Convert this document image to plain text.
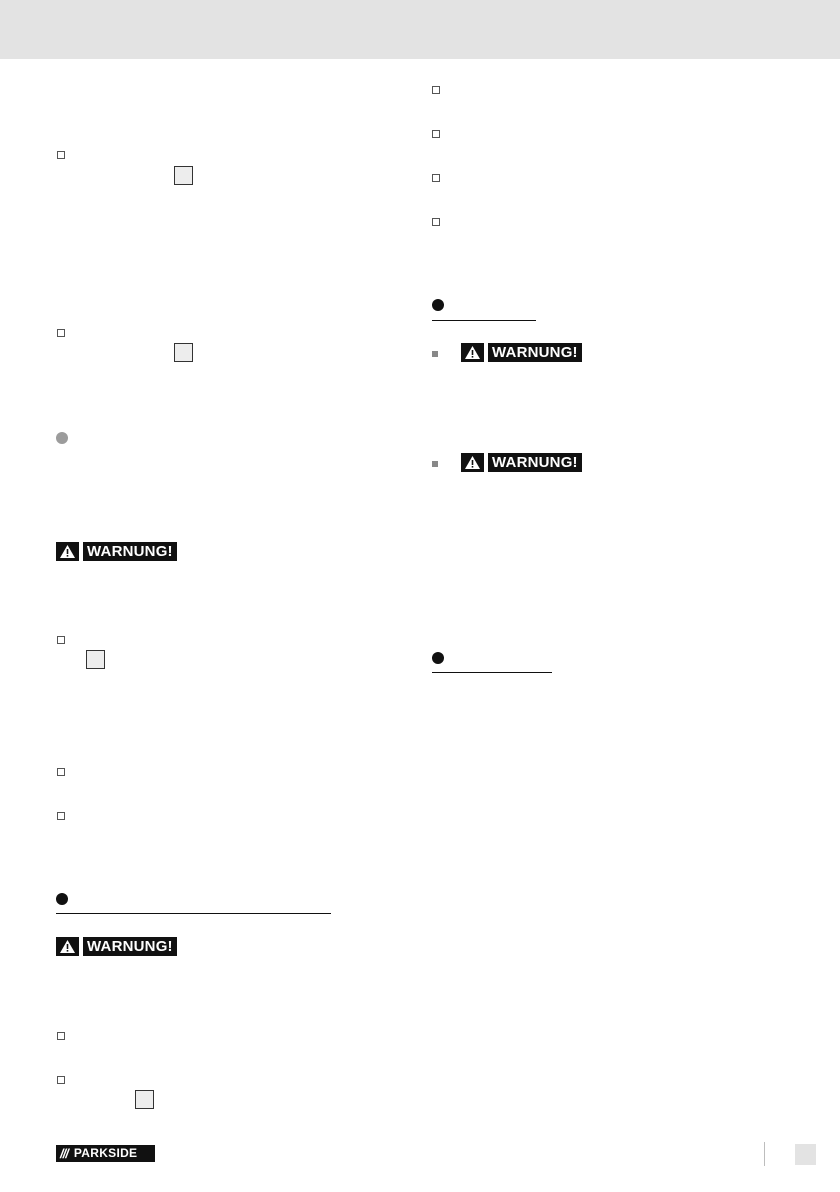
WARNUNG!
WARNUNG!
WARNUNG!
WARNUNG!
/// PARKSIDE
